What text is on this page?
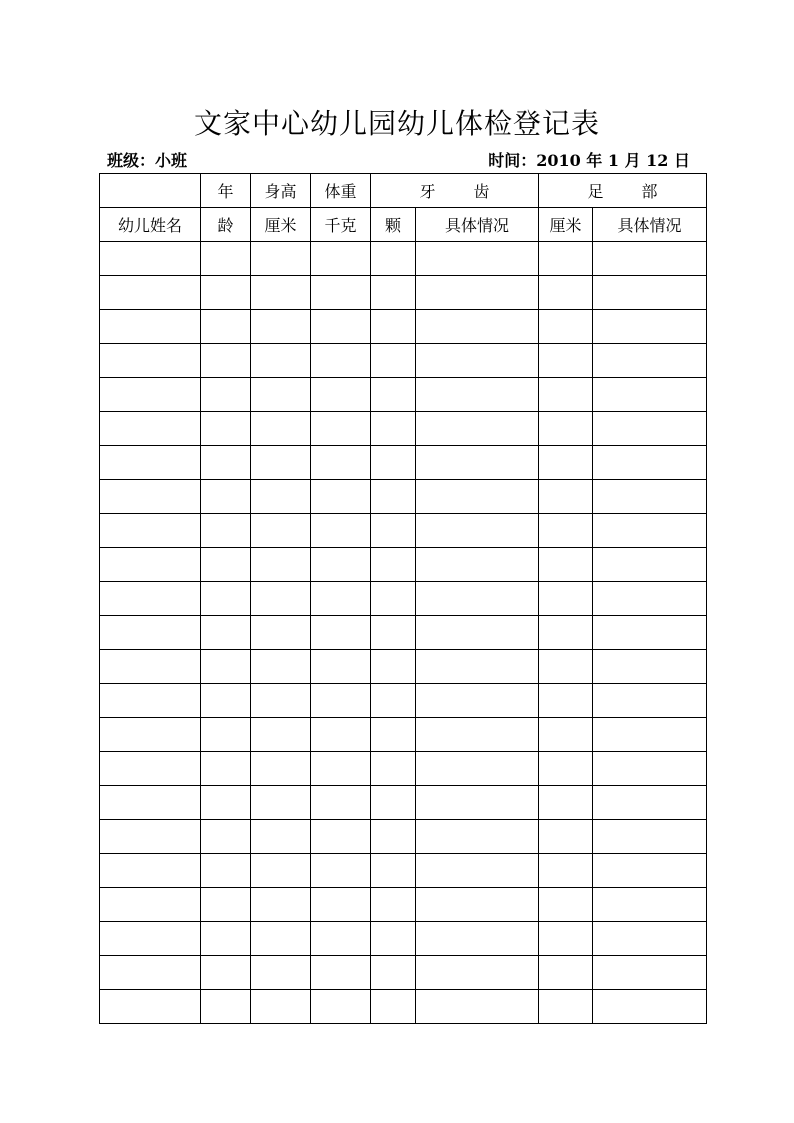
文家中心幼儿园幼儿体检登记表
班级：小班	时间：2010 年 1 月 12 日
	年	身高	体重	牙齿		足部	
幼儿姓名	龄	厘米	千克	颗	具体情况	厘米	具体情况
